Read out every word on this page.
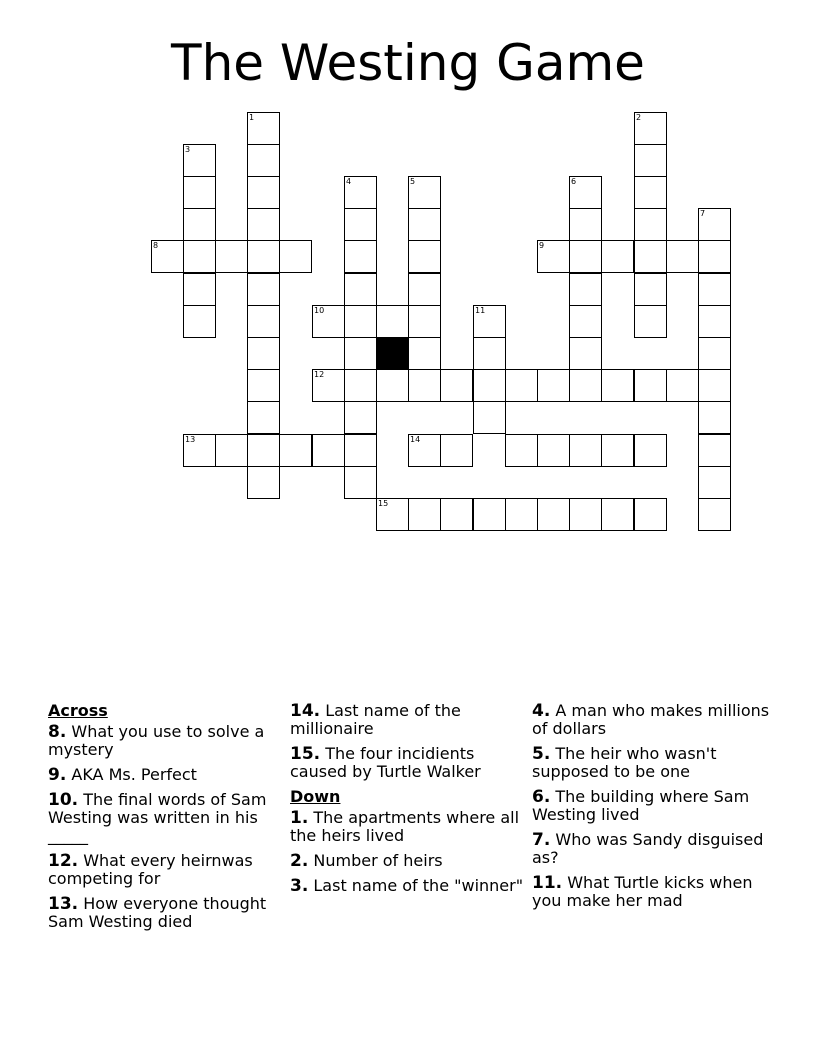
The Westing Game
1	2
3
4	5	6
7
8	9
10	11
12
13	14
15
Across
8. What you use to solve a mystery
9. AKA Ms. Perfect
10. The final words of Sam Westing was written in his _____
12. What every heirnwas competing for
13. How everyone thought Sam Westing died
14. Last name of the millionaire
15. The four incidients caused by Turtle Walker
Down
1. The apartments where all the heirs lived
2. Number of heirs
3. Last name of the "winner"
4. A man who makes millions of dollars
5. The heir who wasn't supposed to be one
6. The building where Sam Westing lived
7. Who was Sandy disguised as?
11. What Turtle kicks when you make her mad
